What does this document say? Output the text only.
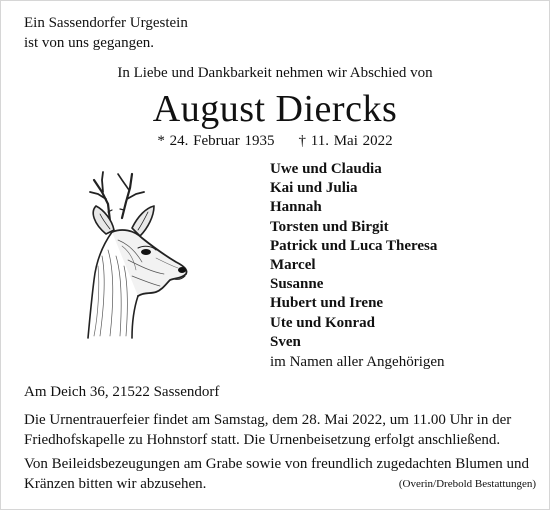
Ein Sassendorfer Urgestein
ist von uns gegangen.
In Liebe und Dankbarkeit nehmen wir Abschied von
August Diercks
* 24. Februar 1935 † 11. Mai 2022
Uwe und Claudia
Kai und Julia
Hannah
Torsten und Birgit
Patrick und Luca Theresa
Marcel
Susanne
Hubert und Irene
Ute und Konrad
Sven
im Namen aller Angehörigen
Am Deich 36, 21522 Sassendorf
Die Urnentrauerfeier findet am Samstag, dem 28. Mai 2022, um 11.00 Uhr in der Friedhofskapelle zu Hohnstorf statt. Die Urnenbeisetzung erfolgt anschließend.
Von Beileidsbezeugungen am Grabe sowie von freundlich zugedachten Blumen und Kränzen bitten wir abzusehen.	(Overin/Drebold Bestattungen)
